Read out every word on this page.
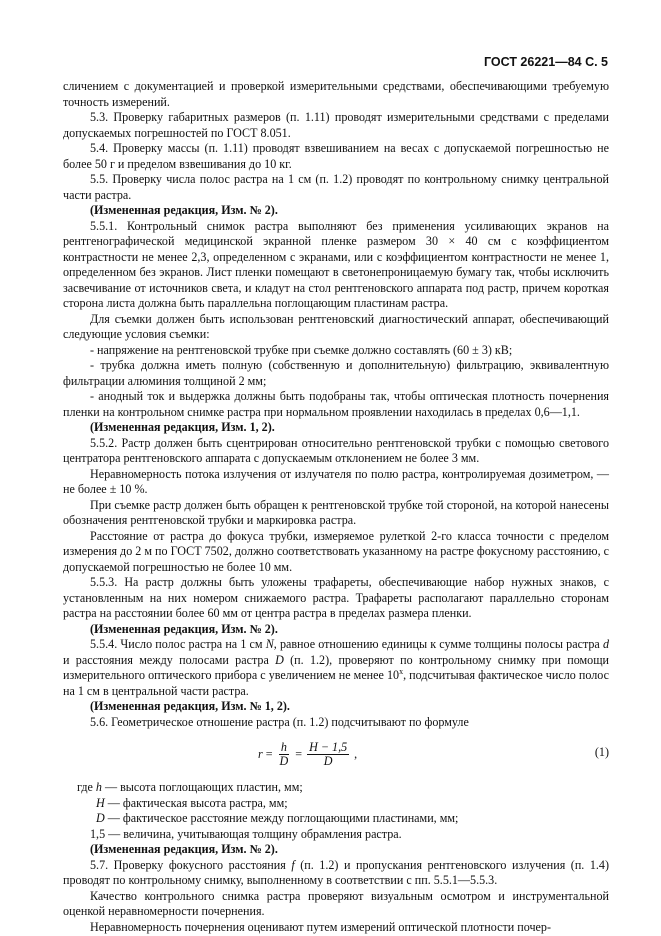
ГОСТ 26221—84 С. 5

сличением с документацией и проверкой измерительными средствами, обеспечивающими требуемую точность измерений.

5.3. Проверку габаритных размеров (п. 1.11) проводят измерительными средствами с пределами допускаемых погрешностей по ГОСТ 8.051.

5.4. Проверку массы (п. 1.11) проводят взвешиванием на весах с допускаемой погрешностью не более 50 г и пределом взвешивания до 10 кг.

5.5. Проверку числа полос растра на 1 см (п. 1.2) проводят по контрольному снимку центральной части растра.

(Измененная редакция, Изм. № 2).

5.5.1. Контрольный снимок растра выполняют без применения усиливающих экранов на рентгенографической медицинской экранной пленке размером 30 × 40 см с коэффициентом контрастности не менее 2,3, определенном с экранами, или с коэффициентом контрастности не менее 1, определенном без экранов. Лист пленки помещают в светонепроницаемую бумагу так, чтобы исключить засвечивание от источников света, и кладут на стол рентгеновского аппарата под растр, причем короткая сторона листа должна быть параллельна поглощающим пластинам растра.

Для съемки должен быть использован рентгеновский диагностический аппарат, обеспечивающий следующие условия съемки:

- напряжение на рентгеновской трубке при съемке должно составлять (60 ± 3) кВ;

- трубка должна иметь полную (собственную и дополнительную) фильтрацию, эквивалентную фильтрации алюминия толщиной 2 мм;

- анодный ток и выдержка должны быть подобраны так, чтобы оптическая плотность почернения пленки на контрольном снимке растра при нормальном проявлении находилась в пределах 0,6—1,1.

(Измененная редакция, Изм. 1, 2).

5.5.2. Растр должен быть сцентрирован относительно рентгеновской трубки с помощью светового центратора рентгеновского аппарата с допускаемым отклонением не более 3 мм.

Неравномерность потока излучения от излучателя по полю растра, контролируемая дозиметром, — не более ± 10 %.

При съемке растр должен быть обращен к рентгеновской трубке той стороной, на которой нанесены обозначения рентгеновской трубки и маркировка растра.

Расстояние от растра до фокуса трубки, измеряемое рулеткой 2-го класса точности с пределом измерения до 2 м по ГОСТ 7502, должно соответствовать указанному на растре фокусному расстоянию, с допускаемой погрешностью не более 10 мм.

5.5.3. На растр должны быть уложены трафареты, обеспечивающие набор нужных знаков, с установленным на них номером снижаемого растра. Трафареты располагают параллельно сторонам растра на расстоянии более 60 мм от центра растра в пределах размера пленки.

(Измененная редакция, Изм. № 2).

5.5.4. Число полос растра на 1 см N, равное отношению единицы к сумме толщины полосы растра d и расстояния между полосами растра D (п. 1.2), проверяют по контрольному снимку при помощи измерительного оптического прибора с увеличением не менее $10^х$, подсчитывая фактическое число полос на 1 см в центральной части растра.

(Измененная редакция, Изм. № 1, 2).

5.6. Геометрическое отношение растра (п. 1.2) подсчитывают по формуле

$r = \frac{h}{D} = \frac{H - 1,5}{D}$ ,	(1)

где h — высота поглощающих пластин, мм;

H — фактическая высота растра, мм;

D — фактическое расстояние между поглощающими пластинами, мм;

1,5 — величина, учитывающая толщину обрамления растра.

(Измененная редакция, Изм. № 2).

5.7. Проверку фокусного расстояния f (п. 1.2) и пропускания рентгеновского излучения (п. 1.4) проводят по контрольному снимку, выполненному в соответствии с пп. 5.5.1—5.5.3.

Качество контрольного снимка растра проверяют визуальным осмотром и инструментальной оценкой неравномерности почернения.

Неравномерность почернения оценивают путем измерений оптической плотности почер-
